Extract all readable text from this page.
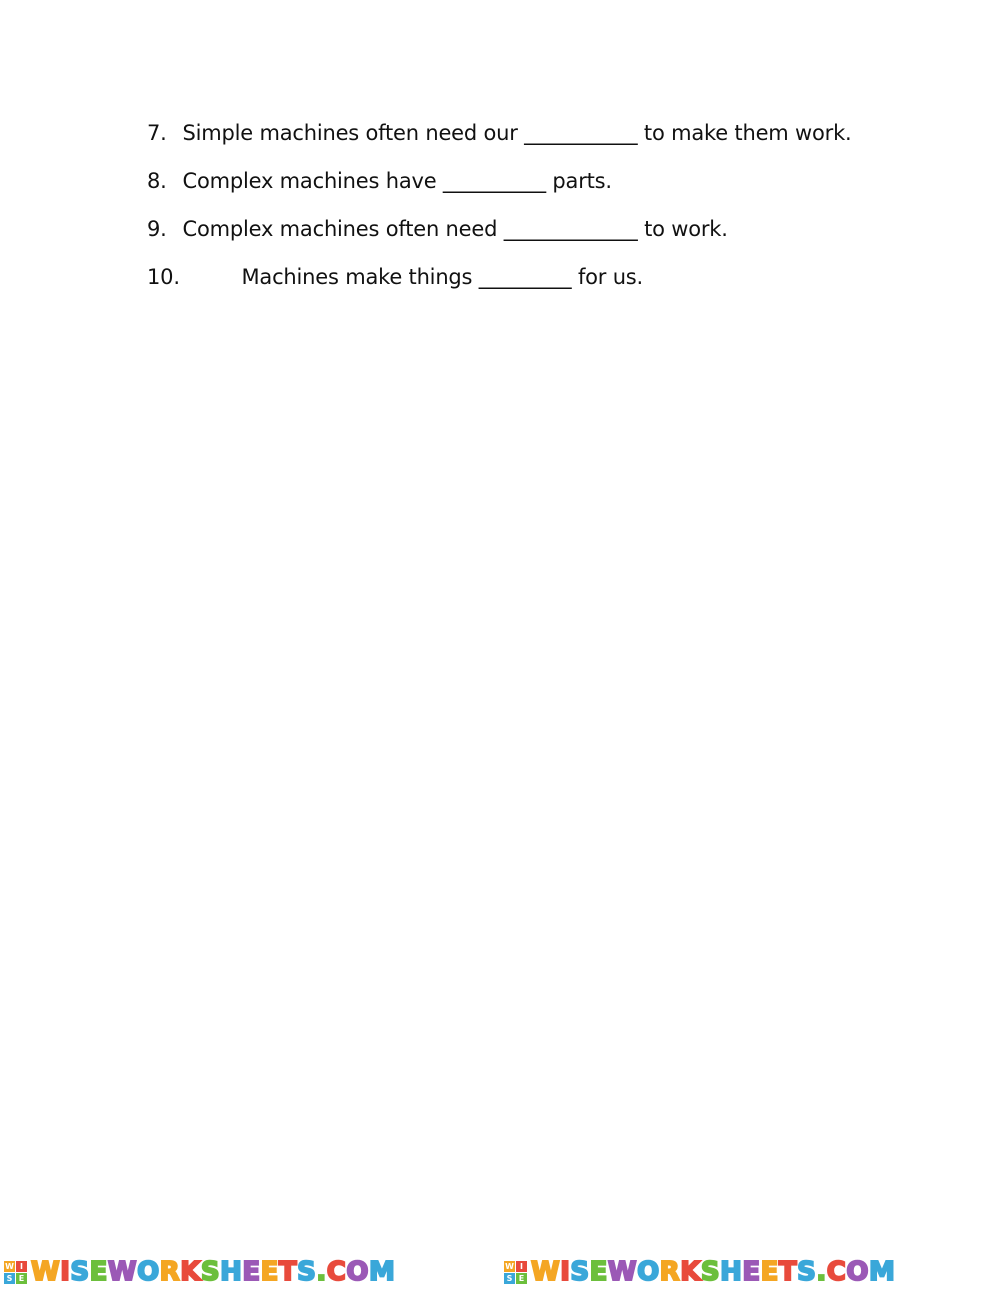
7. Simple machines often need our ___________ to make them work.
8. Complex machines have __________ parts.
9. Complex machines often need _____________ to work.
10.	Machines make things _________ for us.
W I
S E WISEWORKSHEETS.COM	W I
S E WISEWORKSHEETS.COM
